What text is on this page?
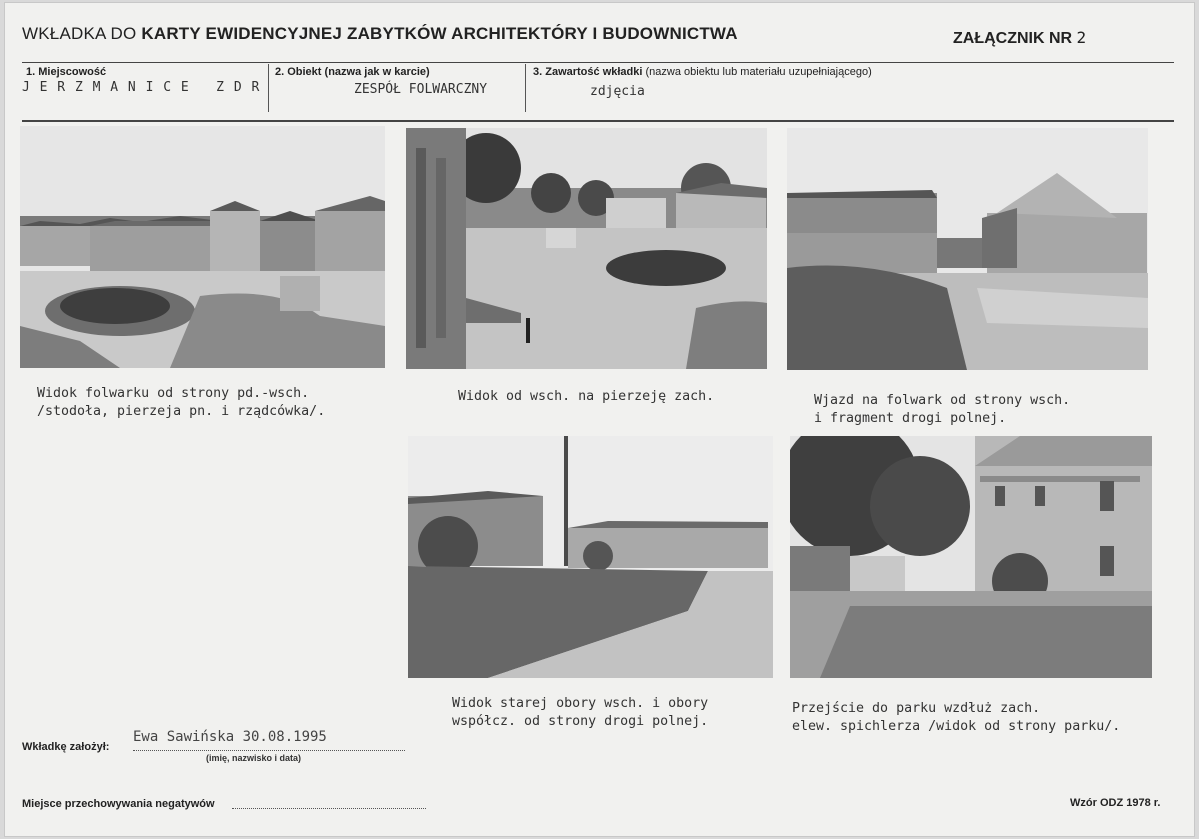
WKŁADKA DO KARTY EWIDENCYJNEJ ZABYTKÓW ARCHITEKTÓRY I BUDOWNICTWA	ZAŁĄCZNIK NR 2
1. Miejscowość
J E R Z M A N I C E   Z D R
2. Obiekt (nazwa jak w karcie)
ZESPÓŁ FOLWARCZNY
3. Zawartość wkładki (nazwa obiektu lub materiału uzupełniającego)
zdjęcia
Widok folwarku od strony pd.-wsch.
/stodoła, pierzeja pn. i rządcówka/.
Widok od wsch. na pierzeję zach.	Wjazd na folwark od strony wsch.
i fragment drogi polnej.
Widok starej obory wsch. i obory
współcz. od strony drogi polnej.
Przejście do parku wzdłuż zach.
elew. spichlerza /widok od strony parku/.
Wkładkę założył:
Ewa Sawińska 30.08.1995
(imię, nazwisko i data)
Miejsce przechowywania negatywów	Wzór ODZ 1978 r.
